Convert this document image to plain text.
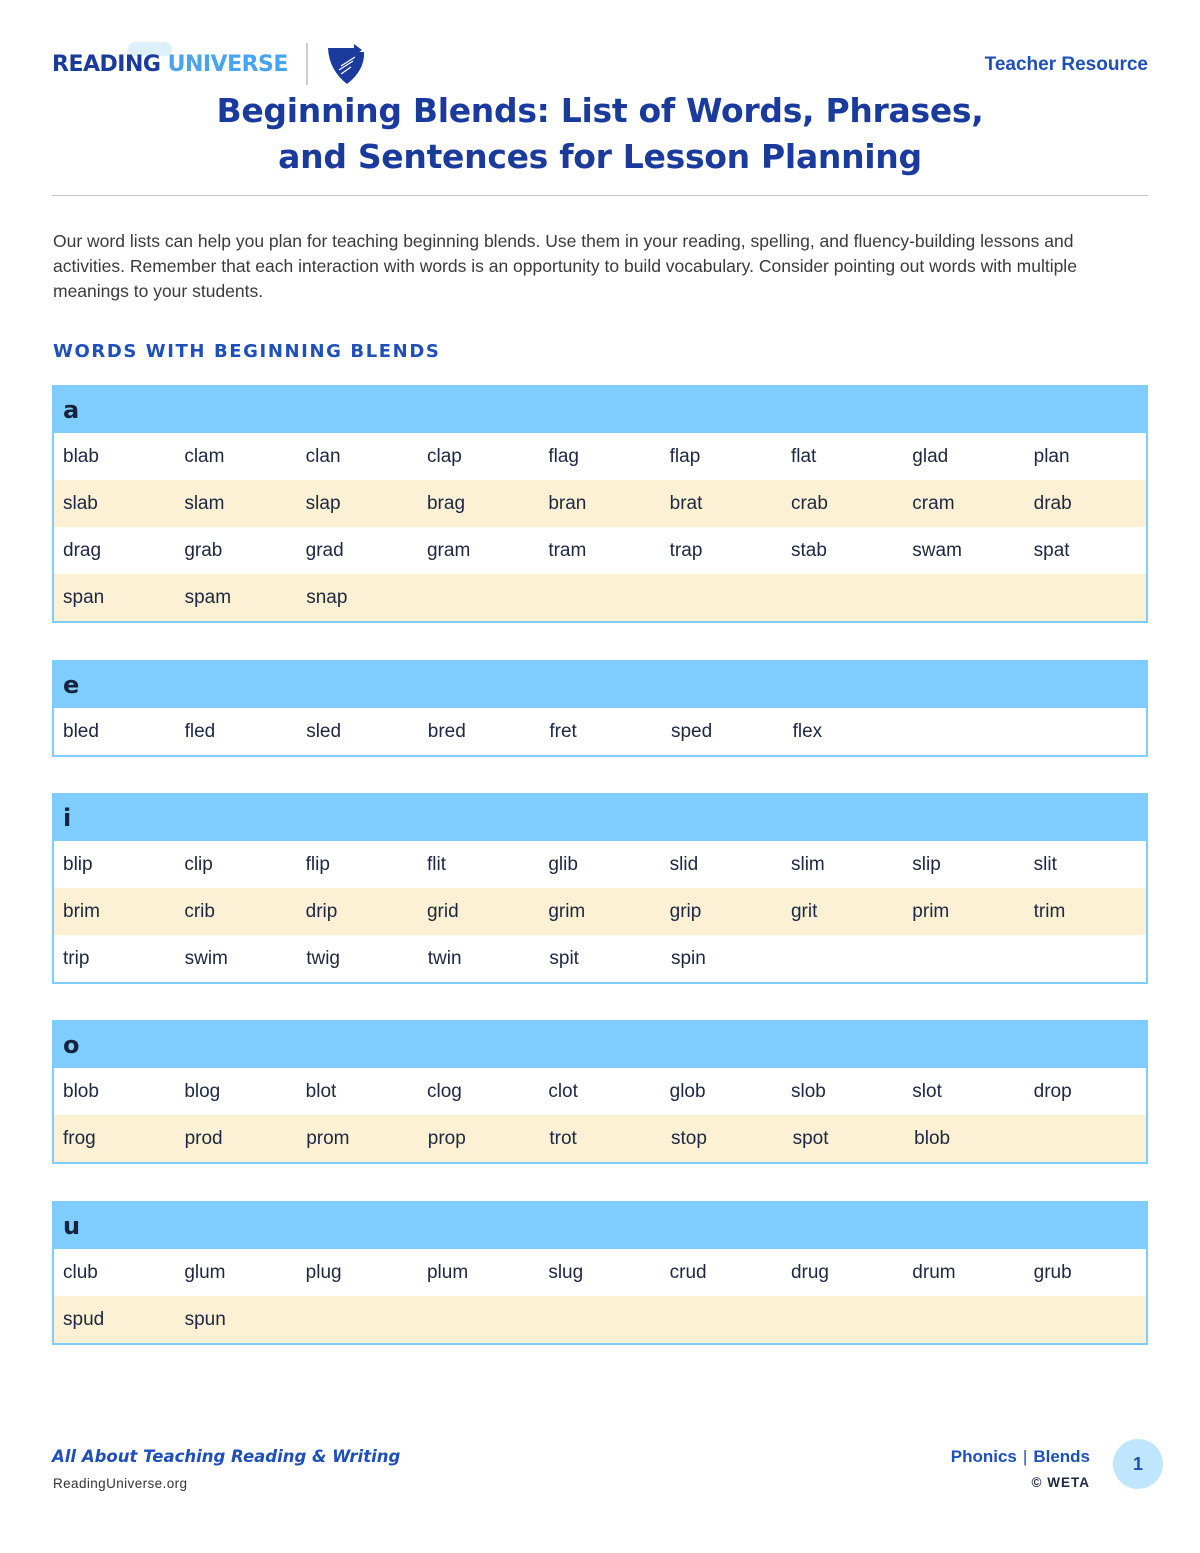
READING UNIVERSE	Teacher Resource
Beginning Blends: List of Words, Phrases,
and Sentences for Lesson Planning

Our word lists can help you plan for teaching beginning blends. Use them in your reading, spelling, and fluency-building lessons and activities. Remember that each interaction with words is an opportunity to build vocabulary. Consider pointing out words with multiple meanings to your students.

WORDS WITH BEGINNING BLENDS
a
blab	clam	clan	clap	flag	flap	flat	glad	plan
slab	slam	slap	brag	bran	brat	crab	cram	drab
drag	grab	grad	gram	tram	trap	stab	swam	spat
span	spam	snap
e
bled	fled	sled	bred	fret	sped	flex
i
blip	clip	flip	flit	glib	slid	slim	slip	slit
brim	crib	drip	grid	grim	grip	grit	prim	trim
trip	swim	twig	twin	spit	spin
o
blob	blog	blot	clog	clot	glob	slob	slot	drop
frog	prod	prom	prop	trot	stop	spot	blob
u
club	glum	plug	plum	slug	crud	drug	drum	grub
spud	spun
All About Teaching Reading & Writing
ReadingUniverse.org
Phonics | Blends
© WETA
1
